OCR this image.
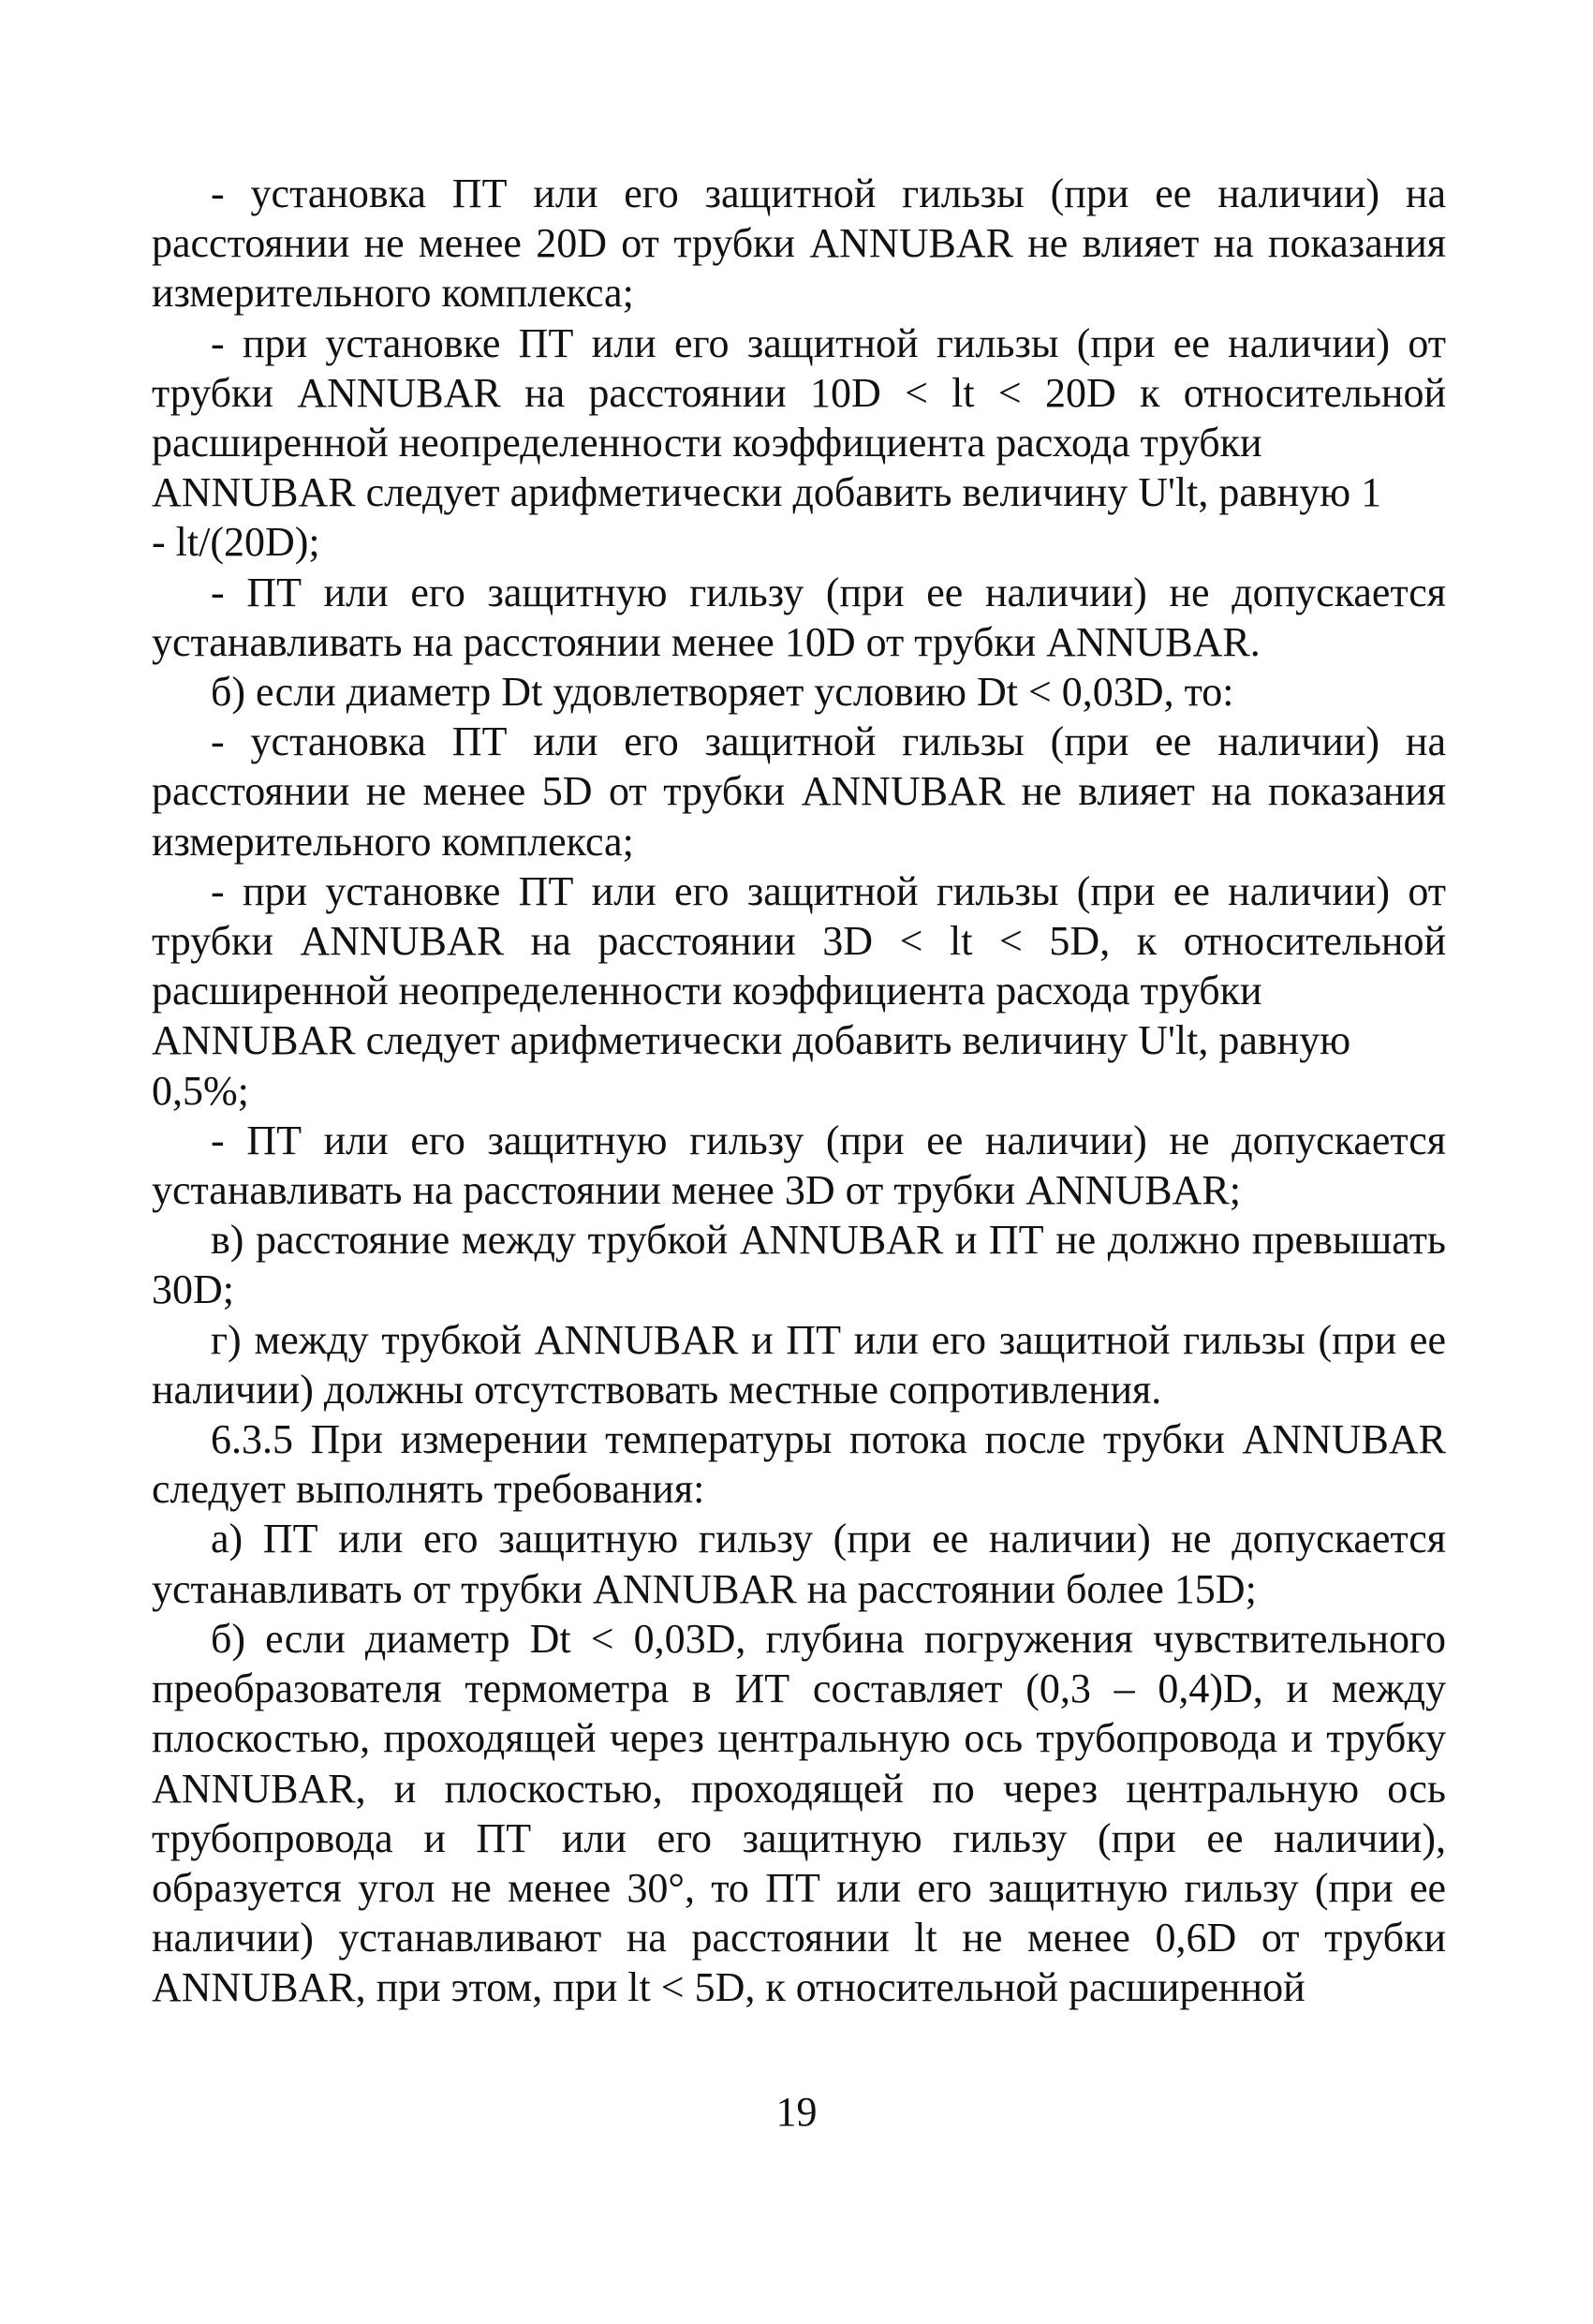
- установка ПТ или его защитной гильзы (при ее наличии) на расстоянии не менее 20D от трубки ANNUBAR не влияет на показания измерительного комплекса;

- при установке ПТ или его защитной гильзы (при ее наличии) от трубки ANNUBAR на расстоянии 10D < lt < 20D к относительной расширенной неопределенности коэффициента расхода трубки
ANNUBAR следует арифметически добавить величину U'lt, равную 1
- lt/(20D);

- ПТ или его защитную гильзу (при ее наличии) не допускается устанавливать на расстоянии менее 10D от трубки ANNUBAR.

б) если диаметр Dt удовлетворяет условию Dt < 0,03D, то:

- установка ПТ или его защитной гильзы (при ее наличии) на расстоянии не менее 5D от трубки ANNUBAR не влияет на показания измерительного комплекса;

- при установке ПТ или его защитной гильзы (при ее наличии) от трубки ANNUBAR на расстоянии 3D < lt < 5D, к относительной расширенной неопределенности коэффициента расхода трубки
ANNUBAR следует арифметически добавить величину U'lt, равную
0,5%;

- ПТ или его защитную гильзу (при ее наличии) не допускается устанавливать на расстоянии менее 3D от трубки ANNUBAR;

в) расстояние между трубкой ANNUBAR и ПТ не должно превышать 30D;

г) между трубкой ANNUBAR и ПТ или его защитной гильзы (при ее наличии) должны отсутствовать местные сопротивления.

6.3.5 При измерении температуры потока после трубки ANNUBAR следует выполнять требования:

а) ПТ или его защитную гильзу (при ее наличии) не допускается устанавливать от трубки ANNUBAR на расстоянии более 15D;

б) если диаметр Dt < 0,03D, глубина погружения чувствительного преобразователя термометра в ИТ составляет (0,3 – 0,4)D, и между плоскостью, проходящей через центральную ось трубопровода и трубку ANNUBAR, и плоскостью, проходящей по через центральную ось трубопровода и ПТ или его защитную гильзу (при ее наличии), образуется угол не менее 30°, то ПТ или его защитную гильзу (при ее наличии) устанавливают на расстоянии lt не менее 0,6D от трубки ANNUBAR, при этом, при lt < 5D, к относительной расширенной

19
